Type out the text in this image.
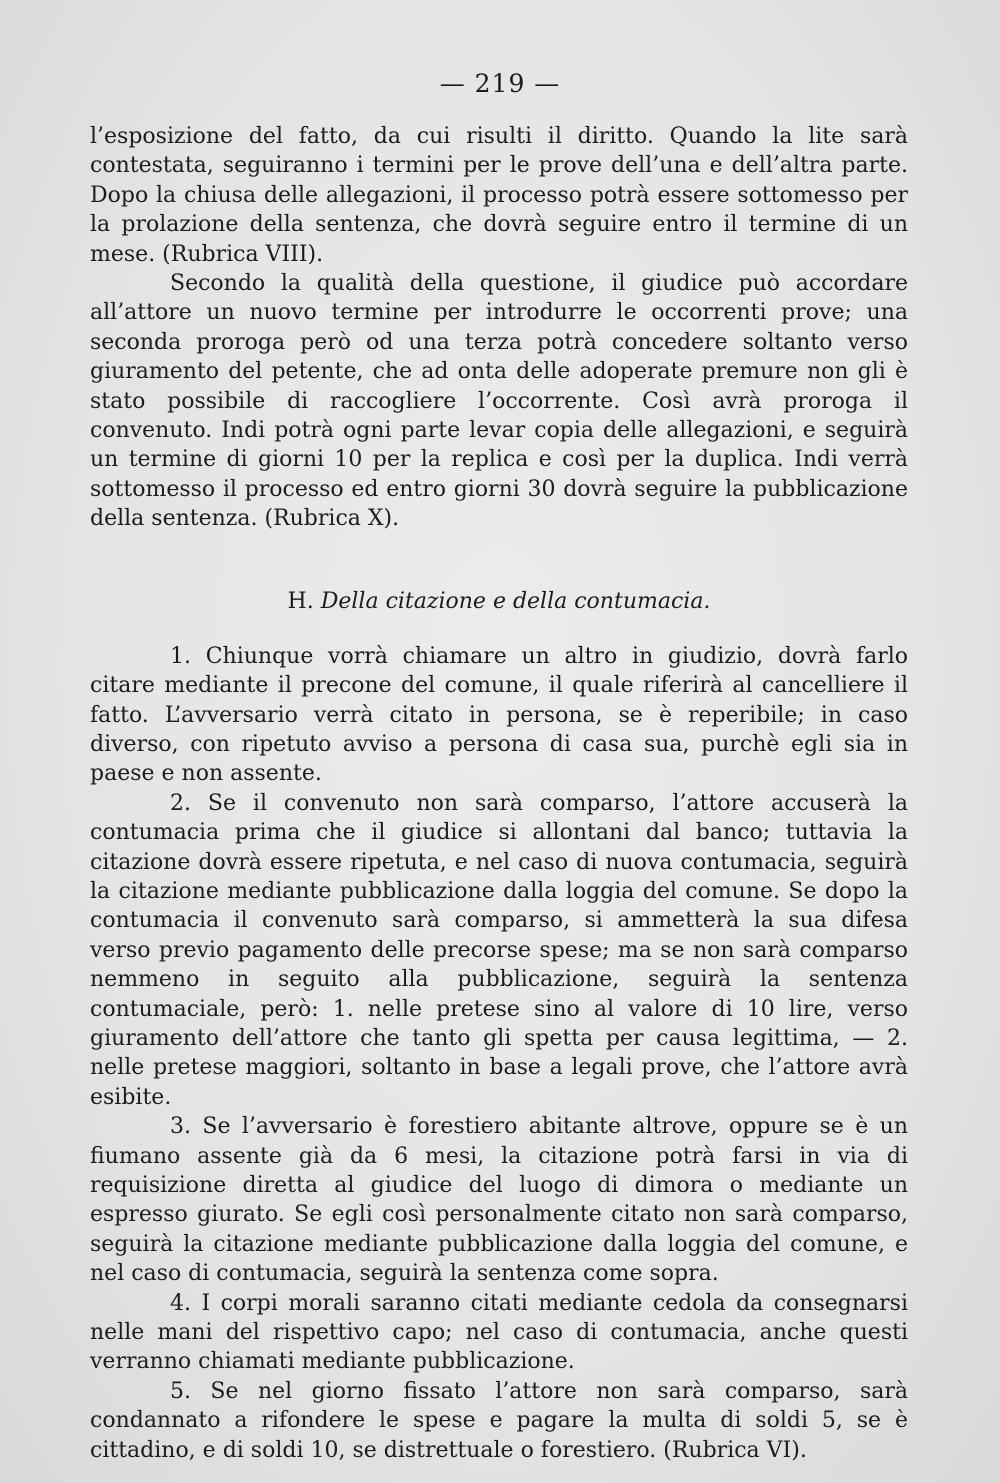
— 219 —

l’esposizione del fatto, da cui risulti il diritto. Quando la lite sarà contestata, seguiranno i termini per le prove dell’una e dell’altra parte. Dopo la chiusa delle allegazioni, il processo potrà essere sottomesso per la prolazione della sentenza, che dovrà seguire entro il termine di un mese. (Rubrica VIII).

Secondo la qualità della questione, il giudice può accordare all’attore un nuovo termine per introdurre le occorrenti prove; una seconda proroga però od una terza potrà concedere soltanto verso giuramento del petente, che ad onta delle adoperate premure non gli è stato possibile di raccogliere l’occorrente. Così avrà proroga il convenuto. Indi potrà ogni parte levar copia delle allegazioni, e seguirà un termine di giorni 10 per la replica e così per la duplica. Indi verrà sottomesso il processo ed entro giorni 30 dovrà seguire la pubblicazione della sentenza. (Rubrica X).

H. Della citazione e della contumacia.

1. Chiunque vorrà chiamare un altro in giudizio, dovrà farlo citare mediante il precone del comune, il quale riferirà al cancelliere il fatto. L’avversario verrà citato in persona, se è reperibile; in caso diverso, con ripetuto avviso a persona di casa sua, purchè egli sia in paese e non assente.

2. Se il convenuto non sarà comparso, l’attore accuserà la contumacia prima che il giudice si allontani dal banco; tuttavia la citazione dovrà essere ripetuta, e nel caso di nuova contumacia, seguirà la citazione mediante pubblicazione dalla loggia del comune. Se dopo la contumacia il convenuto sarà comparso, si ammetterà la sua difesa verso previo pagamento delle precorse spese; ma se non sarà comparso nemmeno in seguito alla pubblicazione, seguirà la sentenza contumaciale, però: 1. nelle pretese sino al valore di 10 lire, verso giuramento dell’attore che tanto gli spetta per causa legittima, — 2. nelle pretese maggiori, soltanto in base a legali prove, che l’attore avrà esibite.

3. Se l’avversario è forestiero abitante altrove, oppure se è un fiumano assente già da 6 mesi, la citazione potrà farsi in via di requisizione diretta al giudice del luogo di dimora o mediante un espresso giurato. Se egli così personalmente citato non sarà comparso, seguirà la citazione mediante pubblicazione dalla loggia del comune, e nel caso di contumacia, seguirà la sentenza come sopra.

4. I corpi morali saranno citati mediante cedola da consegnarsi nelle mani del rispettivo capo; nel caso di contumacia, anche questi verranno chiamati mediante pubblicazione.

5. Se nel giorno fissato l’attore non sarà comparso, sarà condannato a rifondere le spese e pagare la multa di soldi 5, se è cittadino, e di soldi 10, se distrettuale o forestiero. (Rubrica VI).
